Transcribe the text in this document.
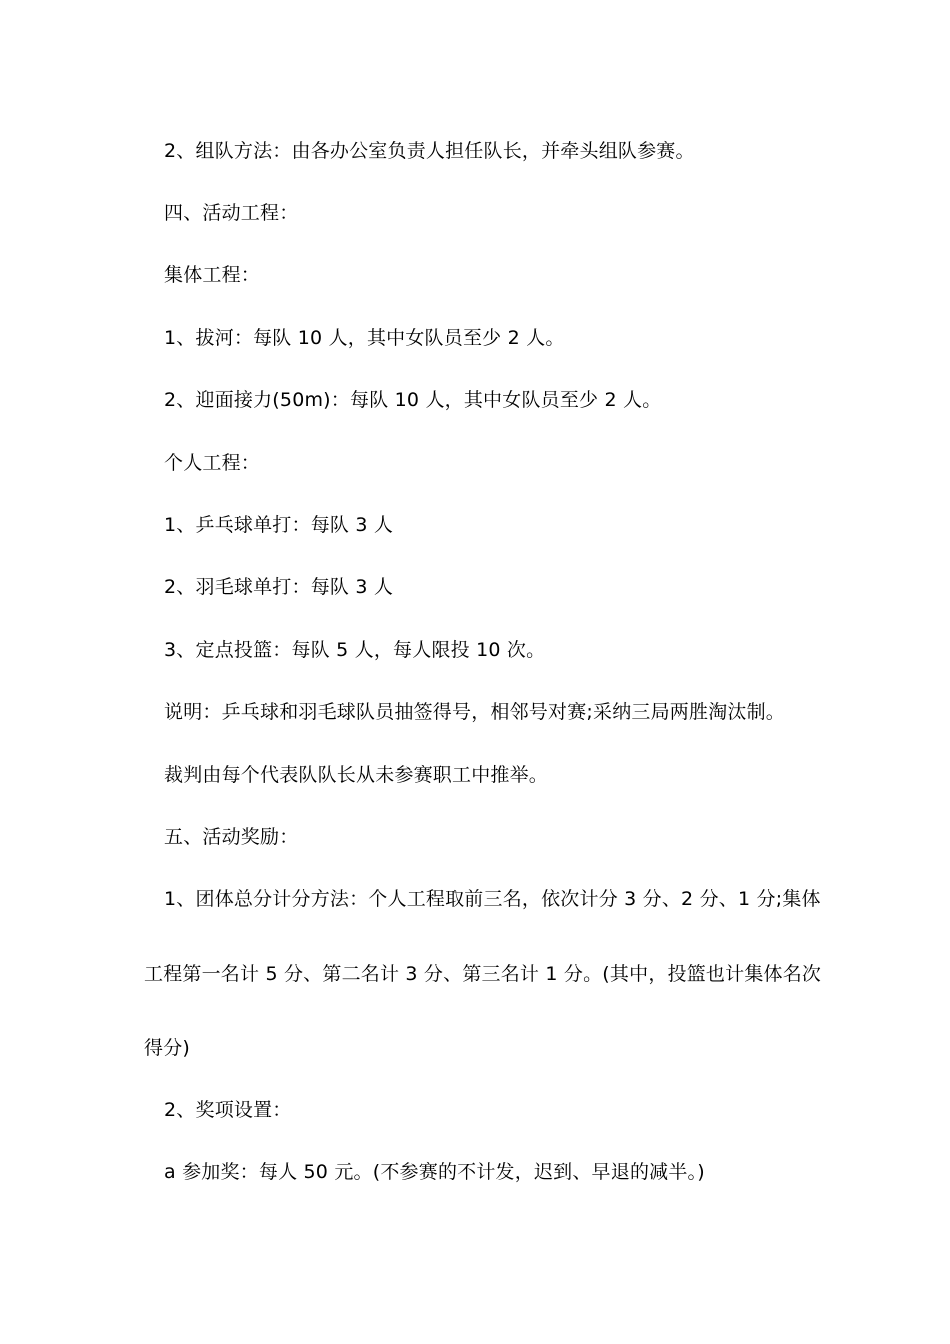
2、组队方法：由各办公室负责人担任队长，并牵头组队参赛。
四、活动工程：
集体工程：
1、拔河：每队 10 人，其中女队员至少 2 人。
2、迎面接力(50m)：每队 10 人，其中女队员至少 2 人。
个人工程：
1、乒乓球单打：每队 3 人
2、羽毛球单打：每队 3 人
3、定点投篮：每队 5 人，每人限投 10 次。
说明：乒乓球和羽毛球队员抽签得号，相邻号对赛;采纳三局两胜淘汰制。
裁判由每个代表队队长从未参赛职工中推举。
五、活动奖励：
1、团体总分计分方法：个人工程取前三名，依次计分 3 分、2 分、1 分;集体
工程第一名计 5 分、第二名计 3 分、第三名计 1 分。(其中，投篮也计集体名次
得分)
2、奖项设置：
a 参加奖：每人 50 元。(不参赛的不计发，迟到、早退的减半。)
